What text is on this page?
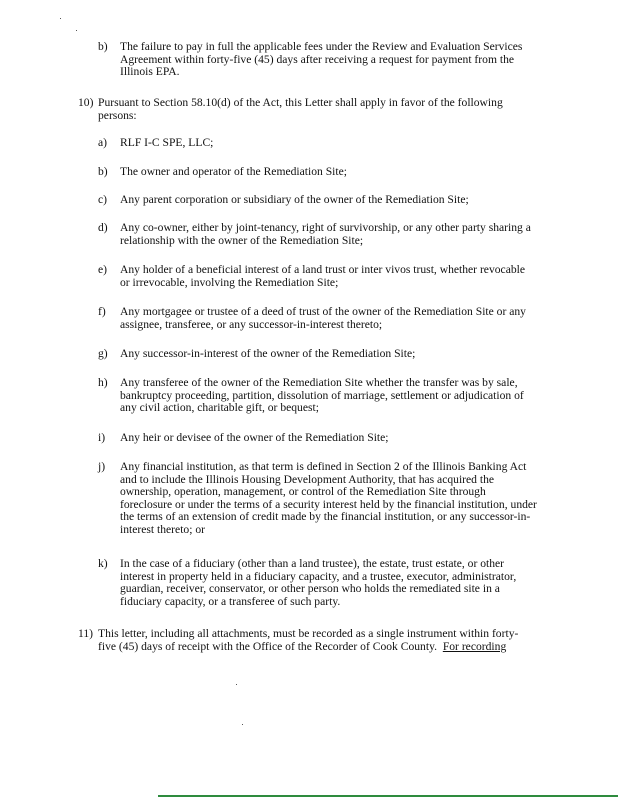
b) The failure to pay in full the applicable fees under the Review and Evaluation Services
Agreement within forty-five (45) days after receiving a request for payment from the
Illinois EPA.
10) Pursuant to Section 58.10(d) of the Act, this Letter shall apply in favor of the following
persons:
a) RLF I-C SPE, LLC;
b) The owner and operator of the Remediation Site;
c) Any parent corporation or subsidiary of the owner of the Remediation Site;
d) Any co-owner, either by joint-tenancy, right of survivorship, or any other party sharing a
relationship with the owner of the Remediation Site;
e) Any holder of a beneficial interest of a land trust or inter vivos trust, whether revocable
or irrevocable, involving the Remediation Site;
f) Any mortgagee or trustee of a deed of trust of the owner of the Remediation Site or any
assignee, transferee, or any successor-in-interest thereto;
g) Any successor-in-interest of the owner of the Remediation Site;
h) Any transferee of the owner of the Remediation Site whether the transfer was by sale,
bankruptcy proceeding, partition, dissolution of marriage, settlement or adjudication of
any civil action, charitable gift, or bequest;
i) Any heir or devisee of the owner of the Remediation Site;
j) Any financial institution, as that term is defined in Section 2 of the Illinois Banking Act
and to include the Illinois Housing Development Authority, that has acquired the
ownership, operation, management, or control of the Remediation Site through
foreclosure or under the terms of a security interest held by the financial institution, under
the terms of an extension of credit made by the financial institution, or any successor-in-
interest thereto; or
k) In the case of a fiduciary (other than a land trustee), the estate, trust estate, or other
interest in property held in a fiduciary capacity, and a trustee, executor, administrator,
guardian, receiver, conservator, or other person who holds the remediated site in a
fiduciary capacity, or a transferee of such party.
11) This letter, including all attachments, must be recorded as a single instrument within forty-
five (45) days of receipt with the Office of the Recorder of Cook County. For recording
